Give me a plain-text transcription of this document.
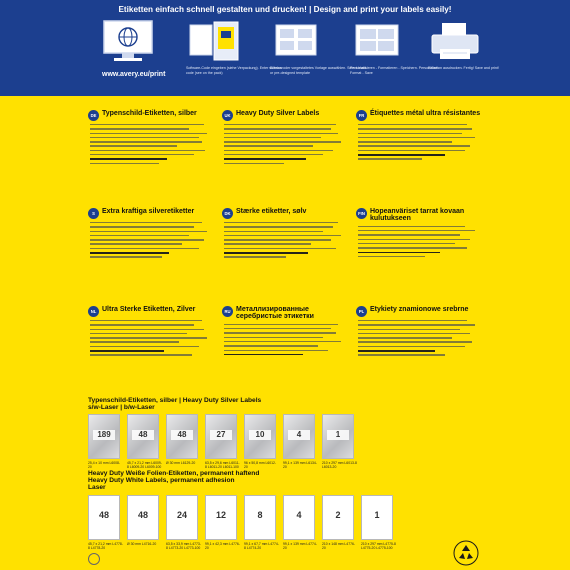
Etiketten einfach schnell gestalten und drucken! | Design and print your labels easily!
www.avery.eu/print
Software-Code eingeben (siehe Verpackung). Enter software code (see on the pack)
Blanko- oder vorgestaltetes Vorlage auswählen. Select blank or pre-designed template
Personalisieren - Formatieren - Speichern. Personalise - Format - Save
Etiketten ausdrucken. Fertig! Save and print!
DE Typenschild-Etiketten, silber	UK Heavy Duty Silver Labels	FR Étiquettes métal ultra résistantes
S	Extra kraftiga silveretiketter	DK Stærke etiketter, sølv	FIN Hopeanväriset tarrat kovaan kulutukseen
NL Ultra Sterke Etiketten, Zilver	RU Металлизированные серебристые этикетки
PL Etykiety znamionowe srebrne
Typenschild-Etiketten, silber | Heavy Duty Silver Labels
s/w-Laser | b/w-Laser
189
25,4 x 10 mm L6008-20
48
45,7 x 21,2 mm L6009-8 L6009-20 L6009-100
48
Ø 30 mm L6129-20
27
63,5 x 29,6 mm L6011-8 L6011-20 L6011-100
10
96 x 50,8 mm L6012-20
4
99,1 x 139 mm L6134-20
1
210 x 297 mm L6013-8 L6013-20
Heavy Duty Weiße Folien-Etiketten, permanent haftend
Heavy Duty White Labels, permanent adhesion
Laser
48
45,7 x 21,2 mm L4778-8 L4778-20
48
Ø 30 mm L4716-20
24
63,5 x 33,9 mm L4773-8 L4773-20 L4773-100
12
99,1 x 42,3 mm L4776-20
8
99,1 x 67,7 mm L4774-8 L4774-20
4
99,1 x 139 mm L4774-20
2
210 x 148 mm L4776-20
1
210 x 297 mm L4775-8 L4775-20 L4775-100
